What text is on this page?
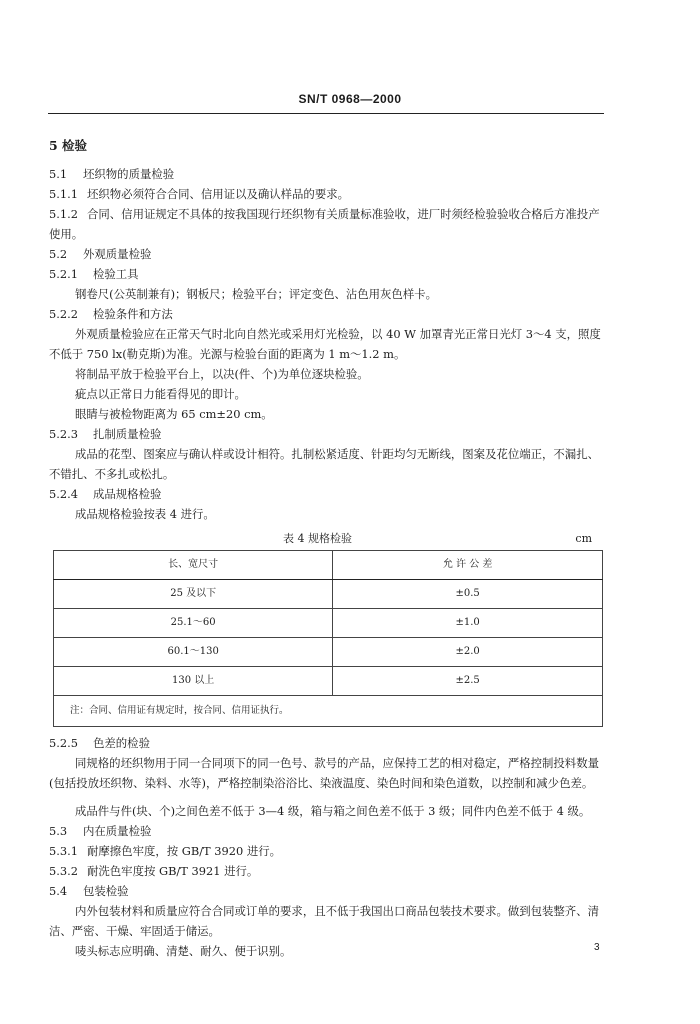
SN/T 0968—2000

5 检验

5.1 坯织物的质量检验

5.1.1 坯织物必须符合合同、信用证以及确认样品的要求。

5.1.2 合同、信用证规定不具体的按我国现行坯织物有关质量标准验收，进厂时须经检验验收合格后方准投产使用。

5.2 外观质量检验

5.2.1 检验工具

钢卷尺(公英制兼有)；钢板尺；检验平台；评定变色、沾色用灰色样卡。

5.2.2 检验条件和方法

外观质量检验应在正常天气时北向自然光或采用灯光检验，以 40 W 加罩青光正常日光灯 3～4 支，照度不低于 750 lx(勒克斯)为准。光源与检验台面的距离为 1 m～1.2 m。

将制品平放于检验平台上，以决(件、个)为单位逐块检验。

疵点以正常日力能看得见的即计。

眼睛与被检物距离为 65 cm±20 cm。

5.2.3 扎制质量检验

成品的花型、图案应与确认样或设计相符。扎制松紧适度、针距均匀无断线，图案及花位端正，不漏扎、不错扎、不多扎或松扎。

5.2.4 成品规格检验

成品规格检验按表 4 进行。

表 4 规格检验	cm
长、宽尺寸	允 许 公 差
25 及以下	±0.5
25.1～60	±1.0
60.1～130	±2.0
130 以上	±2.5
注：合同、信用证有规定时，按合同、信用证执行。	

5.2.5 色差的检验

同规格的坯织物用于同一合同项下的同一色号、款号的产品，应保持工艺的相对稳定，严格控制投料数量(包括投放坯织物、染料、水等)，严格控制染浴浴比、染液温度、染色时间和染色道数，以控制和减少色差。

成品件与件(块、个)之间色差不低于 3—4 级，箱与箱之间色差不低于 3 级；同件内色差不低于 4 级。

5.3 内在质量检验

5.3.1 耐摩擦色牢度，按 GB/T 3920 进行。

5.3.2 耐洗色牢度按 GB/T 3921 进行。

5.4 包装检验

内外包装材料和质量应符合合同或订单的要求，且不低于我国出口商品包装技术要求。做到包装整齐、清洁、严密、干燥、牢固适于储运。

唛头标志应明确、清楚、耐久、便于识别。	3
